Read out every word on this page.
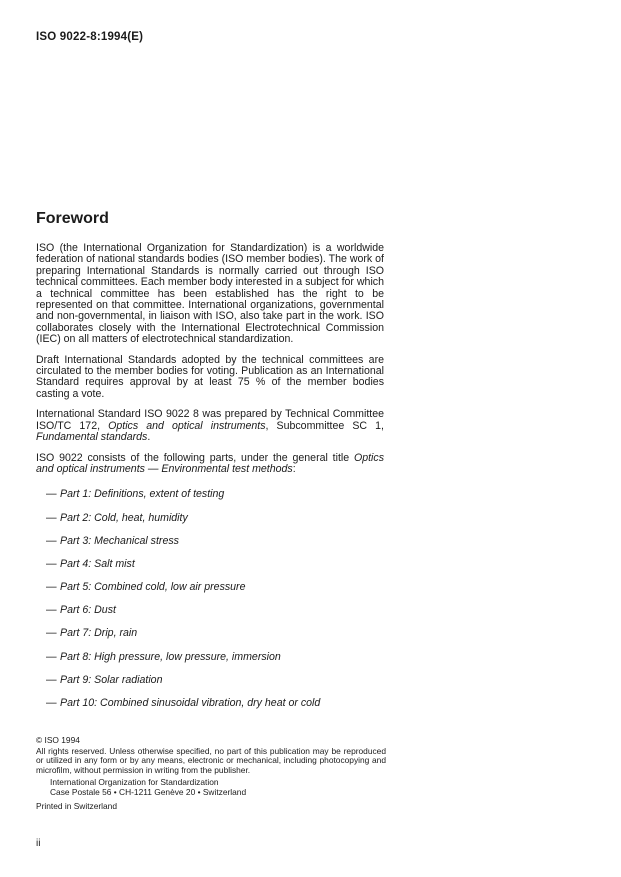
ISO 9022-8:1994(E)
Foreword

ISO (the International Organization for Standardization) is a worldwide federation of national standards bodies (ISO member bodies). The work of preparing International Standards is normally carried out through ISO technical committees. Each member body interested in a subject for which a technical committee has been established has the right to be represented on that committee. International organizations, governmental and non-governmental, in liaison with ISO, also take part in the work. ISO collaborates closely with the International Electrotechnical Commission (IEC) on all matters of electrotechnical standardization.

Draft International Standards adopted by the technical committees are circulated to the member bodies for voting. Publication as an International Standard requires approval by at least 75 % of the member bodies casting a vote.

International Standard ISO 9022 8 was prepared by Technical Committee ISO/TC 172, Optics and optical instruments, Subcommittee SC 1, Fundamental standards.

ISO 9022 consists of the following parts, under the general title Optics and optical instruments — Environmental test methods:

— Part 1: Definitions, extent of testing
— Part 2: Cold, heat, humidity
— Part 3: Mechanical stress
— Part 4: Salt mist
— Part 5: Combined cold, low air pressure
— Part 6: Dust
— Part 7: Drip, rain
— Part 8: High pressure, low pressure, immersion
— Part 9: Solar radiation
— Part 10: Combined sinusoidal vibration, dry heat or cold

© ISO 1994

All rights reserved. Unless otherwise specified, no part of this publication may be reproduced or utilized in any form or by any means, electronic or mechanical, including photocopying and microfilm, without permission in writing from the publisher.

International Organization for Standardization

Case Postale 56 • CH-1211 Genève 20 • Switzerland

Printed in Switzerland

ii
